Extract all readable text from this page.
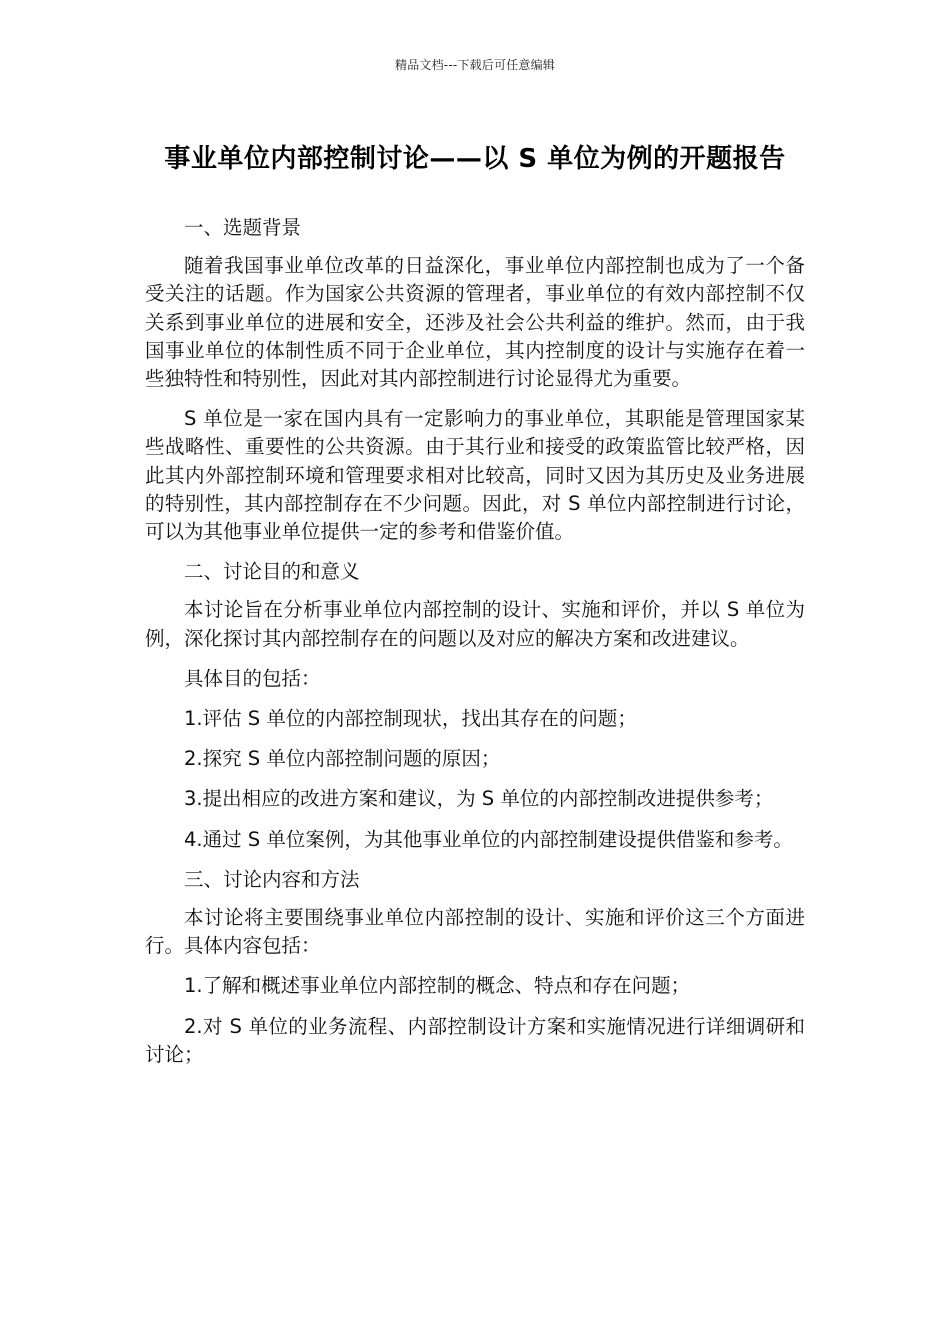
精品文档---下载后可任意编辑
事业单位内部控制讨论——以 S 单位为例的开题报告

一、选题背景

随着我国事业单位改革的日益深化，事业单位内部控制也成为了一个备受关注的话题。作为国家公共资源的管理者，事业单位的有效内部控制不仅关系到事业单位的进展和安全，还涉及社会公共利益的维护。然而，由于我国事业单位的体制性质不同于企业单位，其内控制度的设计与实施存在着一些独特性和特别性，因此对其内部控制进行讨论显得尤为重要。

S 单位是一家在国内具有一定影响力的事业单位，其职能是管理国家某些战略性、重要性的公共资源。由于其行业和接受的政策监管比较严格，因此其内外部控制环境和管理要求相对比较高，同时又因为其历史及业务进展的特别性，其内部控制存在不少问题。因此，对 S 单位内部控制进行讨论，可以为其他事业单位提供一定的参考和借鉴价值。

二、讨论目的和意义

本讨论旨在分析事业单位内部控制的设计、实施和评价，并以 S 单位为例，深化探讨其内部控制存在的问题以及对应的解决方案和改进建议。

具体目的包括：

1.评估 S 单位的内部控制现状，找出其存在的问题；

2.探究 S 单位内部控制问题的原因；

3.提出相应的改进方案和建议，为 S 单位的内部控制改进提供参考；

4.通过 S 单位案例，为其他事业单位的内部控制建设提供借鉴和参考。

三、讨论内容和方法

本讨论将主要围绕事业单位内部控制的设计、实施和评价这三个方面进行。具体内容包括：

1.了解和概述事业单位内部控制的概念、特点和存在问题；

2.对 S 单位的业务流程、内部控制设计方案和实施情况进行详细调研和讨论；
